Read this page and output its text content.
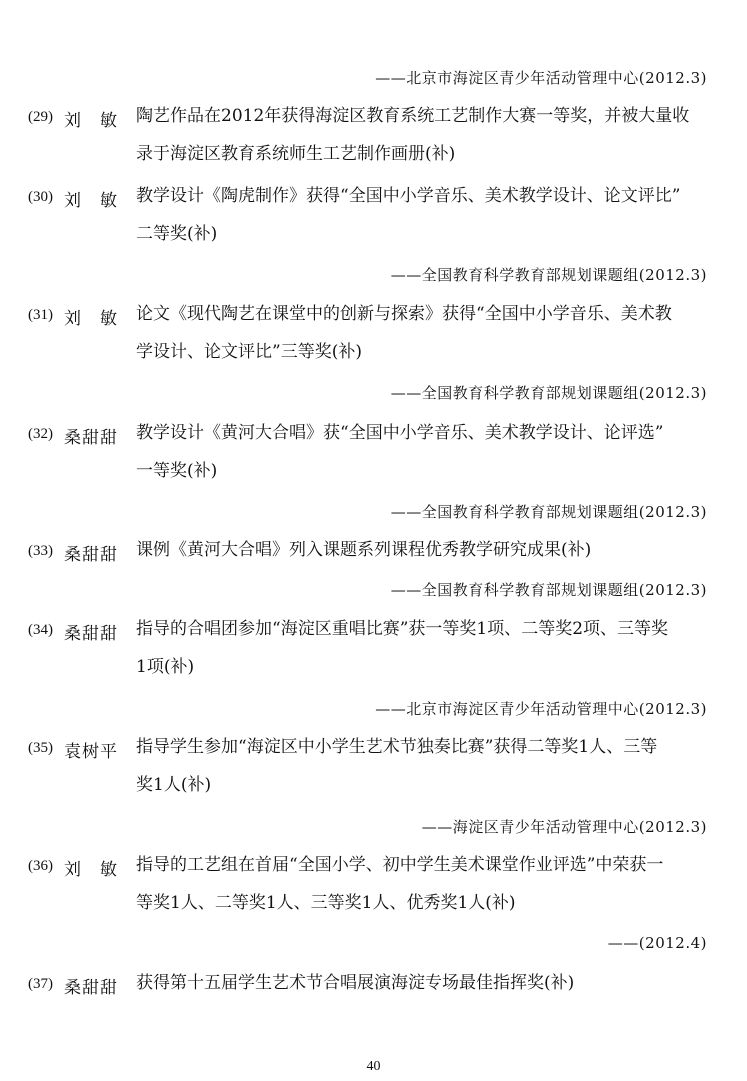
——北京市海淀区青少年活动管理中心(2012.3)
(29) 刘　敏 陶艺作品在2012年获得海淀区教育系统工艺制作大赛一等奖，并被大量收
录于海淀区教育系统师生工艺制作画册(补)
(30) 刘　敏 教学设计《陶虎制作》获得“全国中小学音乐、美术教学设计、论文评比”
二等奖(补)
——全国教育科学教育部规划课题组(2012.3)
(31) 刘　敏 论文《现代陶艺在课堂中的创新与探索》获得“全国中小学音乐、美术教
学设计、论文评比”三等奖(补)
——全国教育科学教育部规划课题组(2012.3)
(32) 桑甜甜 教学设计《黄河大合唱》获“全国中小学音乐、美术教学设计、论评选”
一等奖(补)
——全国教育科学教育部规划课题组(2012.3)
(33) 桑甜甜 课例《黄河大合唱》列入课题系列课程优秀教学研究成果(补)
——全国教育科学教育部规划课题组(2012.3)
(34) 桑甜甜 指导的合唱团参加“海淀区重唱比赛”获一等奖1项、二等奖2项、三等奖
1项(补)
——北京市海淀区青少年活动管理中心(2012.3)
(35) 袁树平 指导学生参加“海淀区中小学生艺术节独奏比赛”获得二等奖1人、三等
奖1人(补)
——海淀区青少年活动管理中心(2012.3)
(36) 刘　敏 指导的工艺组在首届“全国小学、初中学生美术课堂作业评选”中荣获一
等奖1人、二等奖1人、三等奖1人、优秀奖1人(补)
——(2012.4)
(37) 桑甜甜 获得第十五届学生艺术节合唱展演海淀专场最佳指挥奖(补)
40
